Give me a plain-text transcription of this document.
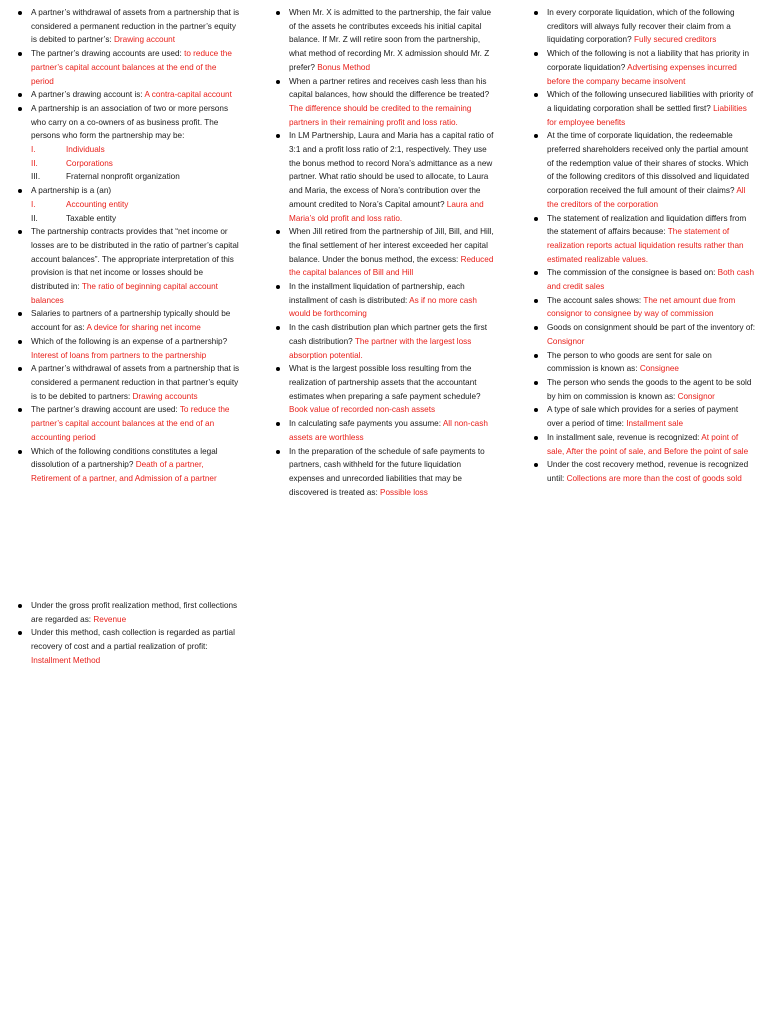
A partner’s withdrawal of assets from a partnership that is considered a permanent reduction in the partner’s equity is debited to partner’s: Drawing account
The partner’s drawing accounts are used: to reduce the partner’s capital account balances at the end of the period
A partner’s drawing account is: A contra-capital account
A partnership is an association of two or more persons who carry on a co-owners of as business profit. The persons who form the partnership may be:
I.	Individuals
II.	Corporations
III.	Fraternal nonprofit organization
A partnership is a (an)
I.	Accounting entity
II.	Taxable entity
The partnership contracts provides that “net income or losses are to be distributed in the ratio of partner’s capital account balances”. The appropriate interpretation of this provision is that net income or losses should be distributed in: The ratio of beginning capital account balances
Salaries to partners of a partnership typically should be account for as: A device for sharing net income
Which of the following is an expense of a partnership? Interest of loans from partners to the partnership
A partner’s withdrawal of assets from a partnership that is considered a permanent reduction in that partner’s equity is to be debited to partners: Drawing accounts
The partner’s drawing account are used: To reduce the partner’s capital account balances at the end of an accounting period
Which of the following conditions constitutes a legal dissolution of a partnership? Death of a partner, Retirement of a partner, and Admission of a partner
Under the gross profit realization method, first collections are regarded as: Revenue
Under this method, cash collection is regarded as partial recovery of cost and a partial realization of profit: Installment Method
When Mr. X is admitted to the partnership, the fair value of the assets he contributes exceeds his initial capital balance. If Mr. Z will retire soon from the partnership, what method of recording Mr. X admission should Mr. Z prefer? Bonus Method
When a partner retires and receives cash less than his capital balances, how should the difference be treated? The difference should be credited to the remaining partners in their remaining profit and loss ratio.
In LM Partnership, Laura and Maria has a capital ratio of 3:1 and a profit loss ratio of 2:1, respectively. They use the bonus method to record Nora’s admittance as a new partner. What ratio should be used to allocate, to Laura and Maria, the excess of Nora’s contribution over the amount credited to Nora’s Capital amount? Laura and Maria’s old profit and loss ratio.
When Jill retired from the partnership of Jill, Bill, and Hill, the final settlement of her interest exceeded her capital balance. Under the bonus method, the excess: Reduced the capital balances of Bill and Hill
In the installment liquidation of partnership, each installment of cash is distributed: As if no more cash would be forthcoming
In the cash distribution plan which partner gets the first cash distribution? The partner with the largest loss absorption potential.
What is the largest possible loss resulting from the realization of partnership assets that the accountant estimates when preparing a safe payment schedule? Book value of recorded non-cash assets
In calculating safe payments you assume: All non-cash assets are worthless
In the preparation of the schedule of safe payments to partners, cash withheld for the future liquidation expenses and unrecorded liabilities that may be discovered is treated as: Possible loss
In every corporate liquidation, which of the following creditors will always fully recover their claim from a liquidating corporation? Fully secured creditors
Which of the following is not a liability that has priority in corporate liquidation? Advertising expenses incurred before the company became insolvent
Which of the following unsecured liabilities with priority of a liquidating corporation shall be settled first? Liabilities for employee benefits
At the time of corporate liquidation, the redeemable preferred shareholders received only the partial amount of the redemption value of their shares of stocks. Which of the following creditors of this dissolved and liquidated corporation received the full amount of their claims? All the creditors of the corporation
The statement of realization and liquidation differs from the statement of affairs because: The statement of realization reports actual liquidation results rather than estimated realizable values.
The commission of the consignee is based on: Both cash and credit sales
The account sales shows: The net amount due from consignor to consignee by way of commission
Goods on consignment should be part of the inventory of: Consignor
The person to who goods are sent for sale on commission is known as: Consignee
The person who sends the goods to the agent to be sold by him on commission is known as: Consignor
A type of sale which provides for a series of payment over a period of time: Installment sale
In installment sale, revenue is recognized: At point of sale, After the point of sale, and Before the point of sale
Under the cost recovery method, revenue is recognized until: Collections are more than the cost of goods sold
